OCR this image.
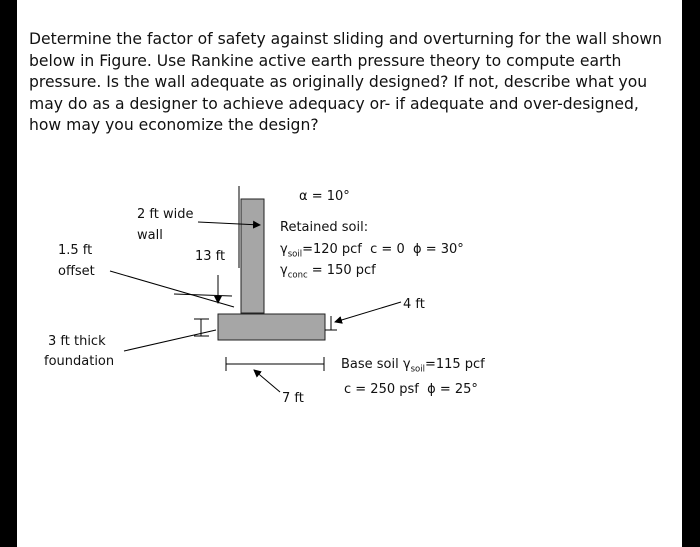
Determine the factor of safety against sliding and overturning for the wall shown below in Figure. Use Rankine active earth pressure theory to compute earth pressure. Is the wall adequate as originally designed? If not, describe what you may do as a designer to achieve adequacy or- if adequate and over-designed, how may you economize the design?

α = 10°
Retained soil:
$\gamma_{soil}=120$ pcf c = 0 ϕ = 30°
$\gamma_{conc} = 150$ pcf
2 ft wide
wall
13 ft
1.5 ft
offset
3 ft thick
foundation
4 ft
7 ft
Base soil $\gamma_{soil}=115$ pcf
c = 250 psf ϕ = 25°
